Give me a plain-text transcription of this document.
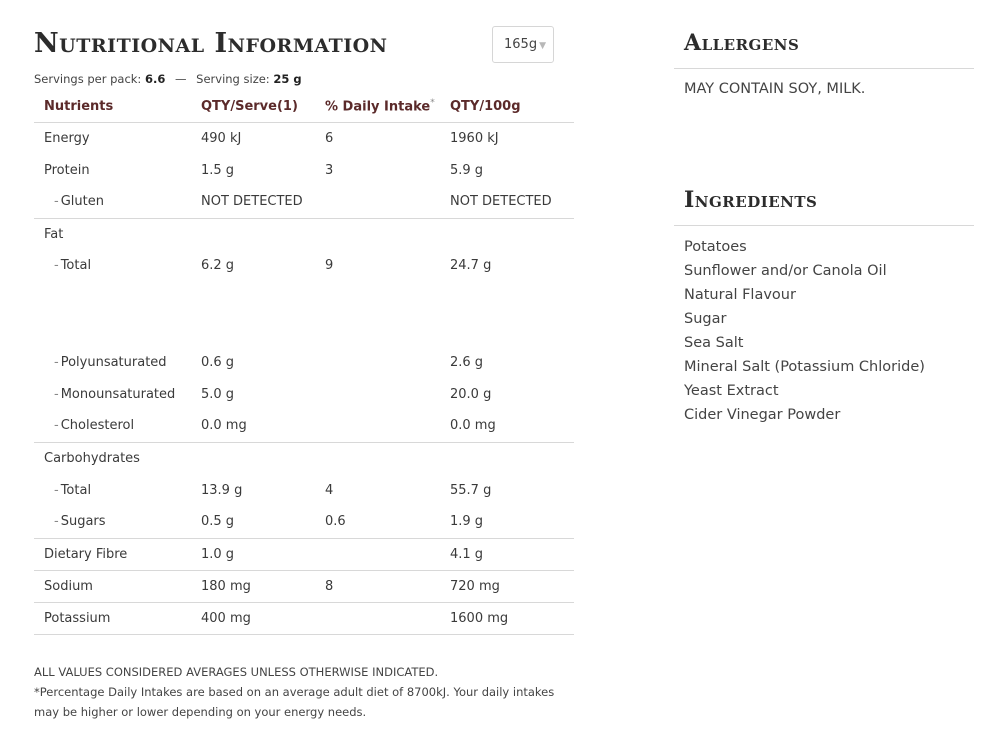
Nutritional Information	165g ▼
Servings per pack: 6.6 — Serving size: 25 g
Nutrients	QTY/Serve(1)	% Daily Intake*	QTY/100g
Energy	490 kJ	6	1960 kJ
Protein	1.5 g	3	5.9 g
- Gluten	NOT DETECTED		NOT DETECTED
Fat			
- Total	6.2 g	9	24.7 g
- Polyunsaturated	0.6 g		2.6 g
- Monounsaturated	5.0 g		20.0 g
- Cholesterol	0.0 mg		0.0 mg
Carbohydrates			
- Total	13.9 g	4	55.7 g
- Sugars	0.5 g	0.6	1.9 g
Dietary Fibre	1.0 g		4.1 g
Sodium	180 mg	8	720 mg
Potassium	400 mg		1600 mg
ALL VALUES CONSIDERED AVERAGES UNLESS OTHERWISE INDICATED.
*Percentage Daily Intakes are based on an average adult diet of 8700kJ. Your daily intakes may be higher or lower depending on your energy needs.
Allergens

MAY CONTAIN SOY, MILK.

Ingredients
Potatoes
Sunflower and/or Canola Oil
Natural Flavour
Sugar
Sea Salt
Mineral Salt (Potassium Chloride)
Yeast Extract
Cider Vinegar Powder
